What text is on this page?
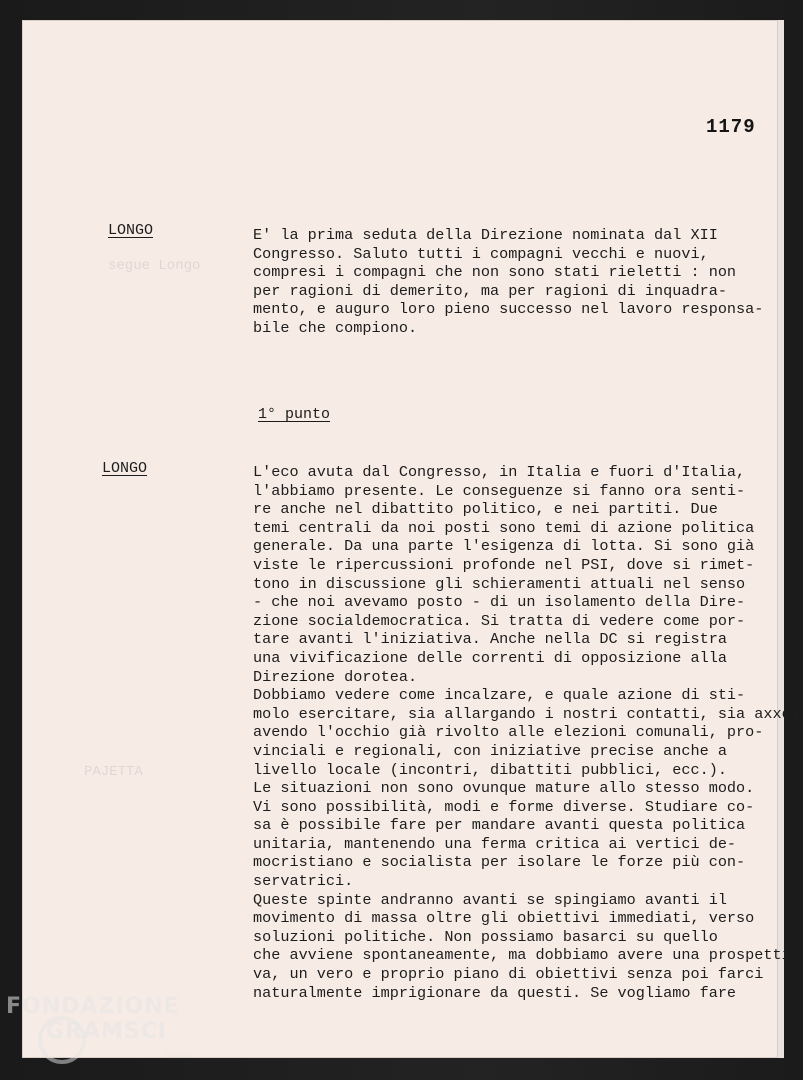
1179
segue Longo
PAJETTA
LONGO	E' la prima seduta della Direzione nominata dal XII
Congresso. Saluto tutti i compagni vecchi e nuovi,
compresi i compagni che non sono stati rieletti : non
per ragioni di demerito, ma per ragioni di inquadra-
mento, e auguro loro pieno successo nel lavoro responsa-
bile che compiono.

1° punto
LONGO	L'eco avuta dal Congresso, in Italia e fuori d'Italia,
l'abbiamo presente. Le conseguenze si fanno ora senti-
re anche nel dibattito politico, e nei partiti. Due
temi centrali da noi posti sono temi di azione politica
generale. Da una parte l'esigenza di lotta. Si sono già
viste le ripercussioni profonde nel PSI, dove si rimet-
tono in discussione gli schieramenti attuali nel senso
- che noi avevamo posto - di un isolamento della Dire-
zione socialdemocratica. Si tratta di vedere come por-
tare avanti l'iniziativa. Anche nella DC si registra
una vivificazione delle correnti di opposizione alla
Direzione dorotea.
Dobbiamo vedere come incalzare, e quale azione di sti-
molo esercitare, sia allargando i nostri contatti, sia axxei
avendo l'occhio già rivolto alle elezioni comunali, pro-
vinciali e regionali, con iniziative precise anche a
livello locale (incontri, dibattiti pubblici, ecc.).
Le situazioni non sono ovunque mature allo stesso modo.
Vi sono possibilità, modi e forme diverse. Studiare co-
sa è possibile fare per mandare avanti questa politica
unitaria, mantenendo una ferma critica ai vertici de-
mocristiano e socialista per isolare le forze più con-
servatrici.
Queste spinte andranno avanti se spingiamo avanti il
movimento di massa oltre gli obiettivi immediati, verso
soluzioni politiche. Non possiamo basarci su quello
che avviene spontaneamente, ma dobbiamo avere una prospetti
va, un vero e proprio piano di obiettivi senza poi farci
naturalmente imprigionare da questi. Se vogliamo fare

FONDAZIONE
GRAMSCI
onlus
